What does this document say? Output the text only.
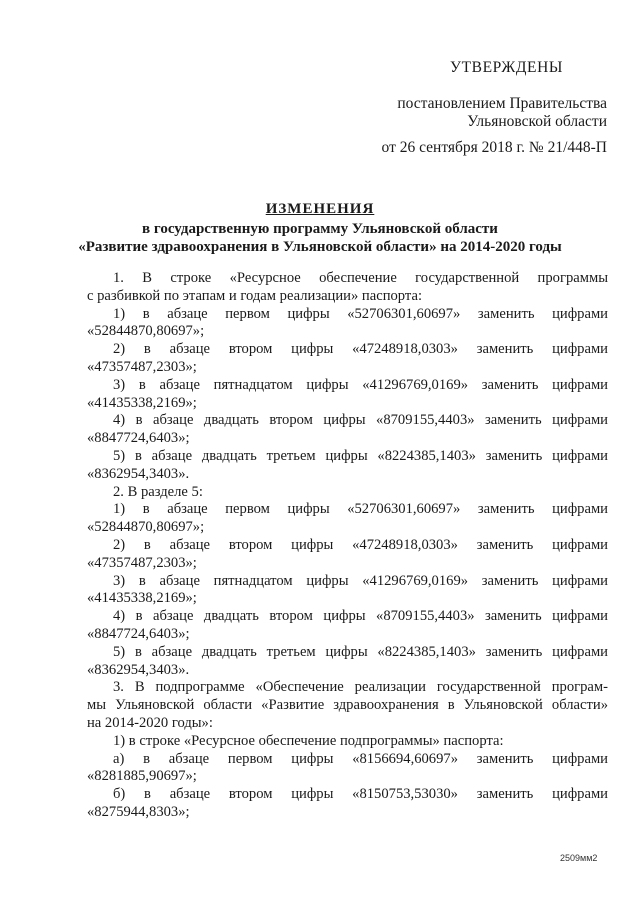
УТВЕРЖДЕНЫ
постановлением Правительства
Ульяновской области
от 26 сентября 2018 г. № 21/448-П
ИЗМЕНЕНИЯ
в государственную программу Ульяновской области
«Развитие здравоохранения в Ульяновской области» на 2014-2020 годы

1. В строке «Ресурсное обеспечение государственной программы

с разбивкой по этапам и годам реализации» паспорта:

1) в абзаце первом цифры «52706301,60697» заменить цифрами

«52844870,80697»;

2) в абзаце втором цифры «47248918,0303» заменить цифрами

«47357487,2303»;

3) в абзаце пятнадцатом цифры «41296769,0169» заменить цифрами

«41435338,2169»;

4) в абзаце двадцать втором цифры «8709155,4403» заменить цифрами

«8847724,6403»;

5) в абзаце двадцать третьем цифры «8224385,1403» заменить цифрами

«8362954,3403».

2. В разделе 5:

1) в абзаце первом цифры «52706301,60697» заменить цифрами

«52844870,80697»;

2) в абзаце втором цифры «47248918,0303» заменить цифрами

«47357487,2303»;

3) в абзаце пятнадцатом цифры «41296769,0169» заменить цифрами

«41435338,2169»;

4) в абзаце двадцать втором цифры «8709155,4403» заменить цифрами

«8847724,6403»;

5) в абзаце двадцать третьем цифры «8224385,1403» заменить цифрами

«8362954,3403».

3. В подпрограмме «Обеспечение реализации государственной програм-

мы Ульяновской области «Развитие здравоохранения в Ульяновской области»

на 2014-2020 годы»:

1) в строке «Ресурсное обеспечение подпрограммы» паспорта:

а) в абзаце первом цифры «8156694,60697» заменить цифрами

«8281885,90697»;

б) в абзаце втором цифры «8150753,53030» заменить цифрами

«8275944,8303»;

2509мм2
